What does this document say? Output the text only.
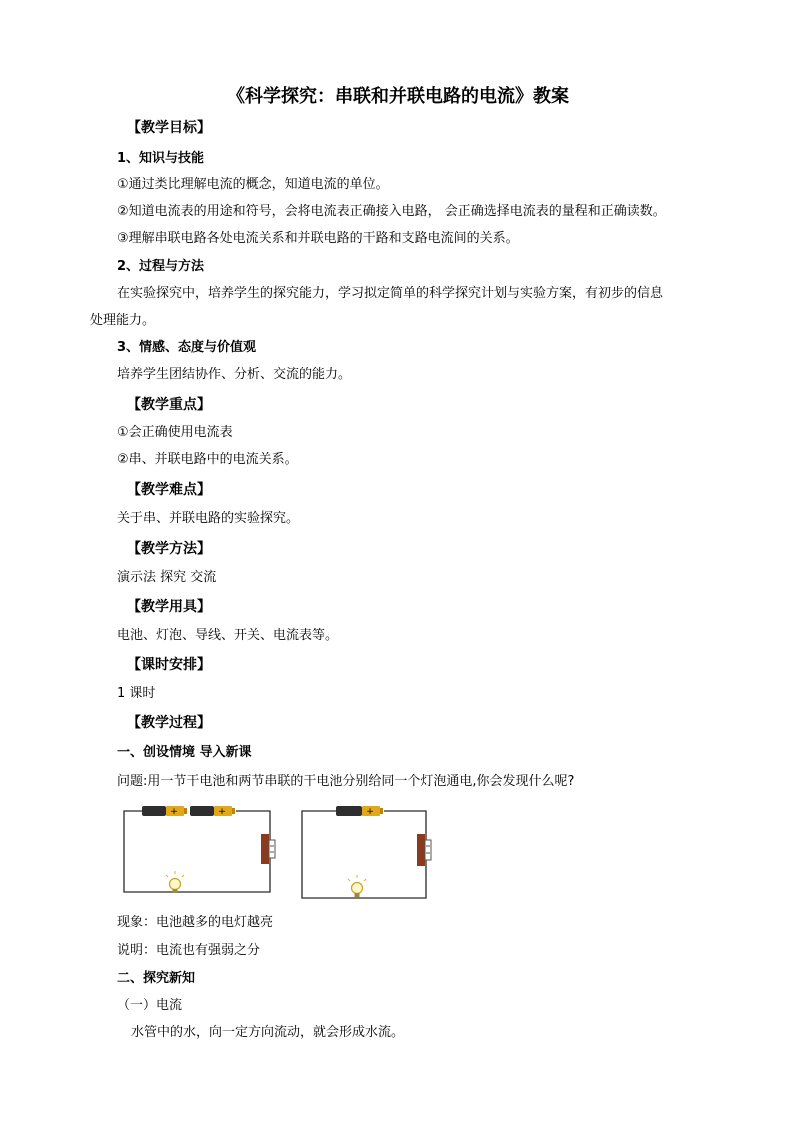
《科学探究：串联和并联电路的电流》教案
【教学目标】
1、知识与技能
①通过类比理解电流的概念，知道电流的单位。
②知道电流表的用途和符号，会将电流表正确接入电路， 会正确选择电流表的量程和正确读数。
③理解串联电路各处电流关系和并联电路的干路和支路电流间的关系。
2、过程与方法
在实验探究中，培养学生的探究能力，学习拟定简单的科学探究计划与实验方案，有初步的信息
处理能力。
3、情感、态度与价值观
培养学生团结协作、分析、交流的能力。
【教学重点】
①会正确使用电流表
②串、并联电路中的电流关系。
【教学难点】
关于串、并联电路的实验探究。
【教学方法】
演示法 探究 交流
【教学用具】
电池、灯泡、导线、开关、电流表等。
【课时安排】
1 课时
【教学过程】
一、创设情境 导入新课
问题:用一节干电池和两节串联的干电池分别给同一个灯泡通电,你会发现什么呢?
+	+	+
现象：电池越多的电灯越亮
说明：电流也有强弱之分
二、探究新知
（一）电流
水管中的水，向一定方向流动，就会形成水流。
